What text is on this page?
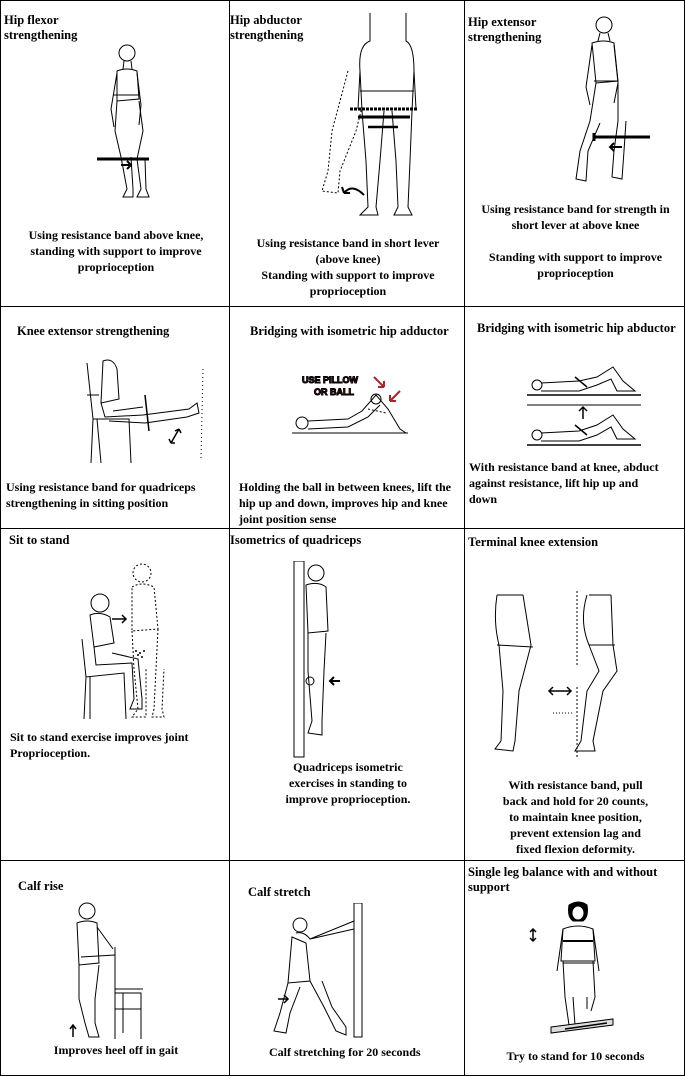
Hip flexor
strengthening
Using resistance band above knee,
standing with support to improve
proprioception
Hip abductor
strengthening
Using resistance band in short lever
(above knee)
Standing with support to improve
proprioception
Hip extensor
strengthening
Using resistance band for strength in
short lever at above knee

Standing with support to improve
proprioception
Knee extensor strengthening
Using resistance band for quadriceps
strengthening in sitting position
Bridging with isometric hip adductor
USE PILLOW
OR BALL
Holding the ball in between knees, lift the
hip up and down, improves hip and knee
joint position sense
Bridging with isometric hip abductor
With resistance band at knee, abduct
against resistance, lift hip up and
down
Sit to stand
Sit to stand exercise improves joint
Proprioception.
Isometrics of quadriceps
Quadriceps isometric
exercises in standing to
improve proprioception.
Terminal knee extension
With resistance band, pull
back and hold for 20 counts,
to maintain knee position,
prevent extension lag and
fixed flexion deformity.
Calf rise
Improves heel off in gait
Calf stretch
Calf stretching for 20 seconds
Single leg balance with and without
support
Try to stand for 10 seconds
